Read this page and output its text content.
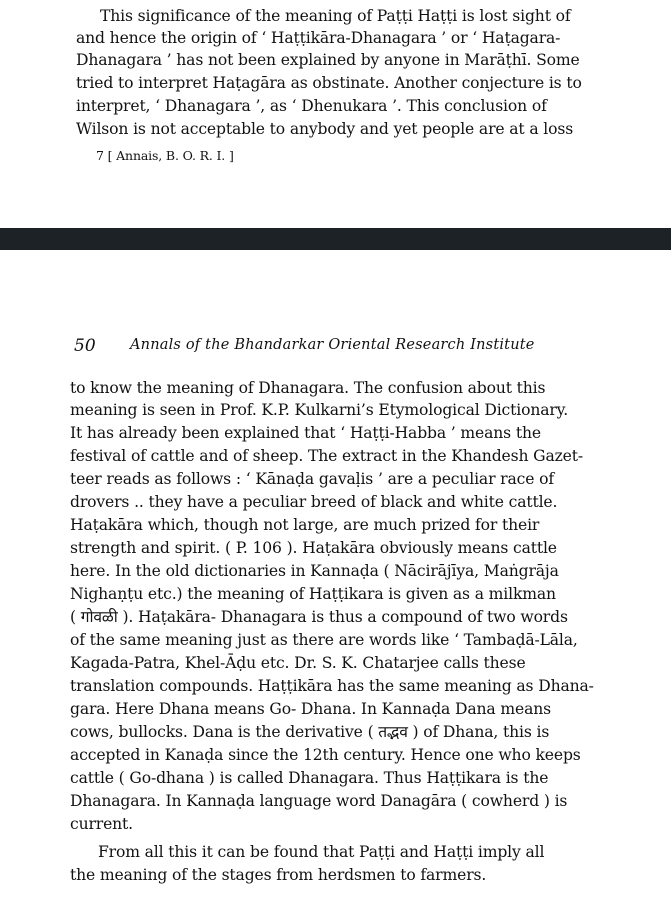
This significance of the meaning of Paṭṭi Haṭṭi is lost sight of
and hence the origin of ‘ Haṭṭikāra-Dhanagara ’ or ‘ Haṭagara-
Dhanagara ’ has not been explained by anyone in Marāṭhī. Some
tried to interpret Haṭagāra as obstinate. Another conjecture is to
interpret, ‘ Dhanagara ’, as ‘ Dhenukara ’. This conclusion of
Wilson is not acceptable to anybody and yet people are at a loss
7 [ Annais, B. O. R. I. ]
50 Annals of the Bhandarkar Oriental Research Institute
to know the meaning of Dhanagara. The confusion about this
meaning is seen in Prof. K.P. Kulkarni’s Etymological Dictionary.
It has already been explained that ‘ Haṭṭi-Habba ’ means the
festival of cattle and of sheep. The extract in the Khandesh Gazet-
teer reads as follows : ‘ Kānaḍa gavaḷis ’ are a peculiar race of
drovers .. they have a peculiar breed of black and white cattle.
Haṭakāra which, though not large, are much prized for their
strength and spirit. ( P. 106 ). Haṭakāra obviously means cattle
here. In the old dictionaries in Kannaḍa ( Nācirājīya, Maṅgrāja
Nighaṇṭu etc.) the meaning of Haṭṭikara is given as a milkman
( गोवळी ). Haṭakāra- Dhanagara is thus a compound of two words
of the same meaning just as there are words like ‘ Tambaḍā-Lāla,
Kagada-Patra, Khel-Āḍu etc. Dr. S. K. Chatarjee calls these
translation compounds. Haṭṭikāra has the same meaning as Dhana-
gara. Here Dhana means Go- Dhana. In Kannaḍa Dana means
cows, bullocks. Dana is the derivative ( तद्भव ) of Dhana, this is
accepted in Kanaḍa since the 12th century. Hence one who keeps
cattle ( Go-dhana ) is called Dhanagara. Thus Haṭṭikara is the
Dhanagara. In Kannaḍa language word Danagāra ( cowherd ) is
current.
From all this it can be found that Paṭṭi and Haṭṭi imply all
the meaning of the stages from herdsmen to farmers.
